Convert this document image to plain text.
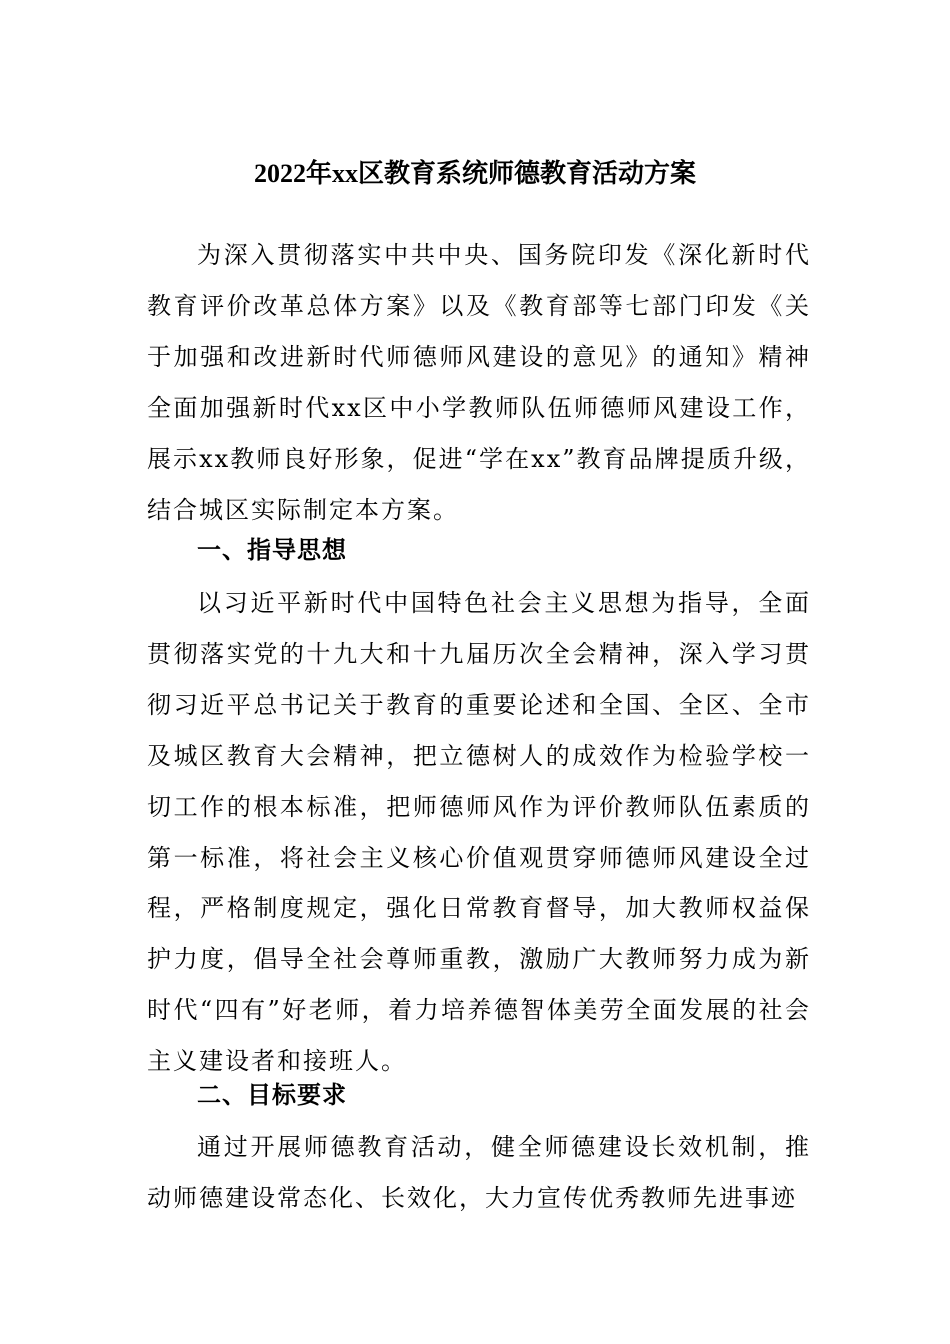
2022年xx区教育系统师德教育活动方案

为深入贯彻落实中共中央、国务院印发《深化新时代教育评价改革总体方案》以及《教育部等七部门印发《关于加强和改进新时代师德师风建设的意见》的通知》精神全面加强新时代xx区中小学教师队伍师德师风建设工作，展示xx教师良好形象，促进“学在xx”教育品牌提质升级，结合城区实际制定本方案。

一、指导思想

以习近平新时代中国特色社会主义思想为指导，全面贯彻落实党的十九大和十九届历次全会精神，深入学习贯彻习近平总书记关于教育的重要论述和全国、全区、全市及城区教育大会精神，把立德树人的成效作为检验学校一切工作的根本标准，把师德师风作为评价教师队伍素质的第一标准，将社会主义核心价值观贯穿师德师风建设全过程，严格制度规定，强化日常教育督导，加大教师权益保护力度，倡导全社会尊师重教，激励广大教师努力成为新时代“四有”好老师，着力培养德智体美劳全面发展的社会主义建设者和接班人。

二、目标要求

通过开展师德教育活动，健全师德建设长效机制，推动师德建设常态化、长效化，大力宣传优秀教师先进事迹
